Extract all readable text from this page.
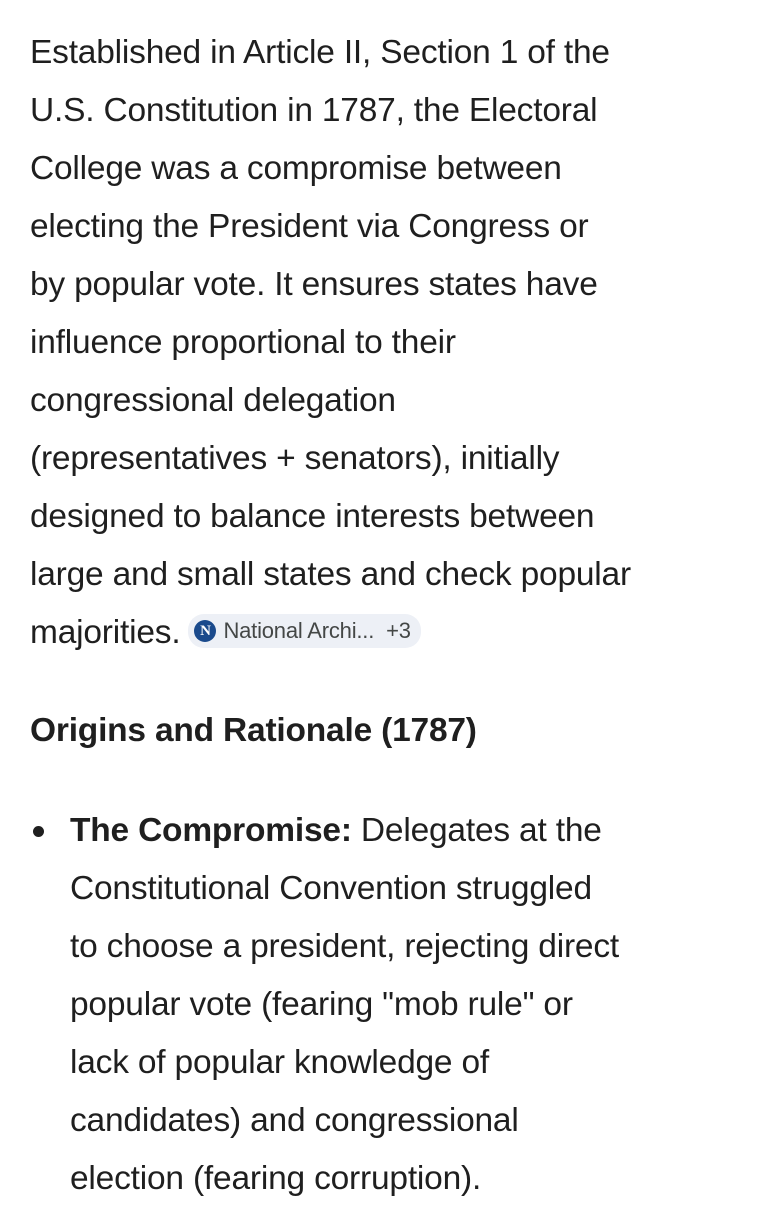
Established in Article II, Section 1 of the
U.S. Constitution in 1787, the Electoral
College was a compromise between
electing the President via Congress or
by popular vote. It ensures states have
influence proportional to their
congressional delegation
(representatives + senators), initially
designed to balance interests between
large and small states and check popular
majorities.	N National Archi... +3

Origins and Rationale (1787)
The Compromise: Delegates at the
Constitutional Convention struggled
to choose a president, rejecting direct
popular vote (fearing "mob rule" or
lack of popular knowledge of
candidates) and congressional
election (fearing corruption).
